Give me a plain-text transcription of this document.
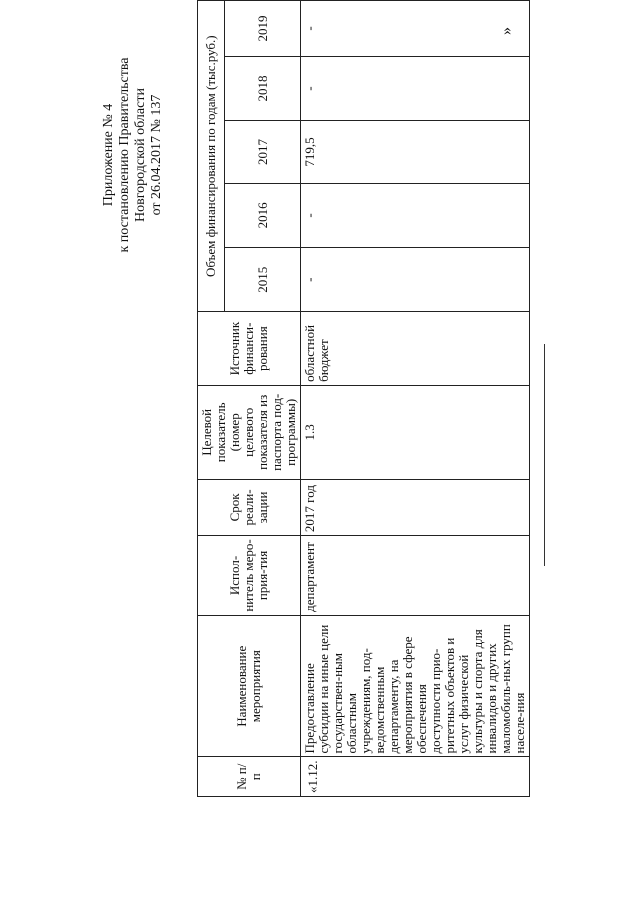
Приложение № 4 к постановлению Правительства Новгородской области от 26.04.2017 № 137
№ п/п	Наименование мероприятия	Испол-нитель меро-прия-тия	Срок реали-зации	Целевой показатель (номер целевого показателя из паспорта под-программы)	Источник финанси-рования	Объем финансирования по годам (тыс.руб.)				
						2015	2016	2017	2018	2019
«1.12.	Предоставление субсидии на иные цели государствен-ным областным учреждениям, под-ведомственным департаменту, на мероприятия в сфере обеспечения доступности прио-ритетных объектов и услуг физической культуры и спорта для инвалидов и других маломобиль-ных групп населе-ния	департамент	2017 год	1.3	областной бюджет	-	-	719,5	-	-	»
